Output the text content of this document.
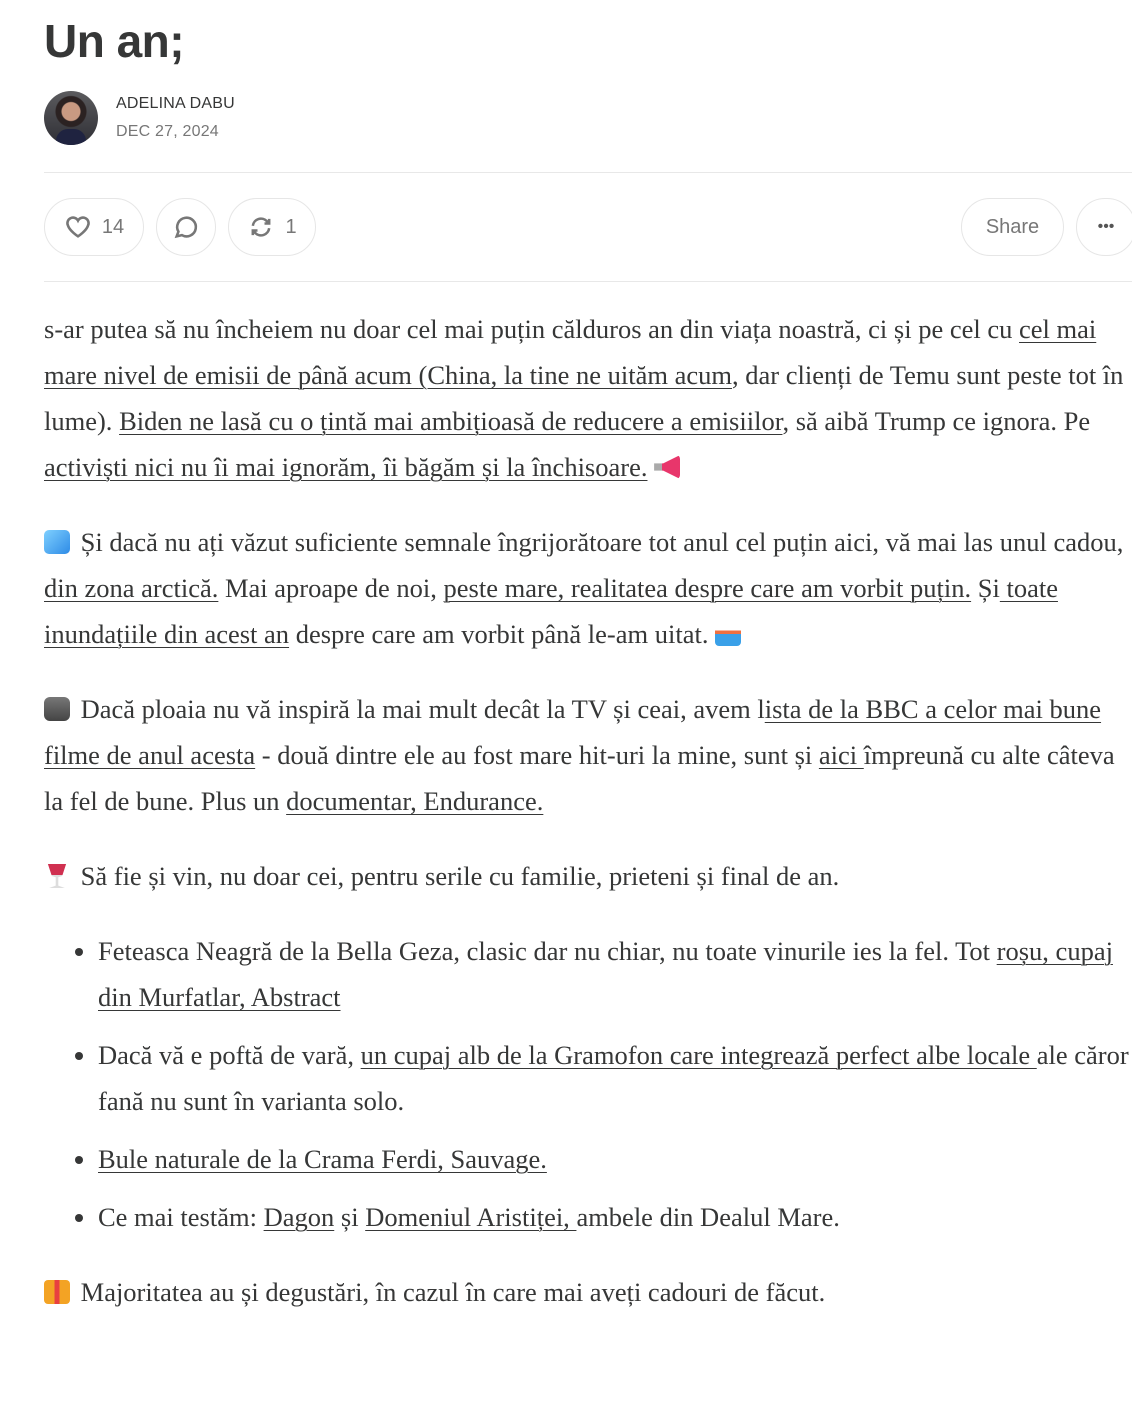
Un an;
ADELINA DABU
DEC 27, 2024
14	1	Share	•••

s-ar putea să nu încheiem nu doar cel mai puțin călduros an din viața noastră, ci și pe cel cu cel mai mare nivel de emisii de până acum (China, la tine ne uităm acum, dar clienți de Temu sunt peste tot în lume). Biden ne lasă cu o țintă mai ambițioasă de reducere a emisiilor, să aibă Trump ce ignora. Pe activiști nici nu îi mai ignorăm, îi băgăm și la închisoare.

Și dacă nu ați văzut suficiente semnale îngrijorătoare tot anul cel puțin aici, vă mai las unul cadou, din zona arctică. Mai aproape de noi, peste mare, realitatea despre care am vorbit puțin. Și toate inundațiile din acest an despre care am vorbit până le-am uitat.

Dacă ploaia nu vă inspiră la mai mult decât la TV și ceai, avem lista de la BBC a celor mai bune filme de anul acesta - două dintre ele au fost mare hit-uri la mine, sunt și aici împreună cu alte câteva la fel de bune. Plus un documentar, Endurance.

Să fie și vin, nu doar cei, pentru serile cu familie, prieteni și final de an.

• Feteasca Neagră de la Bella Geza, clasic dar nu chiar, nu toate vinurile ies la fel. Tot roșu, cupaj din Murfatlar, Abstract
• Dacă vă e poftă de vară, un cupaj alb de la Gramofon care integrează perfect albe locale ale căror fană nu sunt în varianta solo.
• Bule naturale de la Crama Ferdi, Sauvage.
• Ce mai testăm: Dagon și Domeniul Aristiței, ambele din Dealul Mare.

Majoritatea au și degustări, în cazul în care mai aveți cadouri de făcut.
